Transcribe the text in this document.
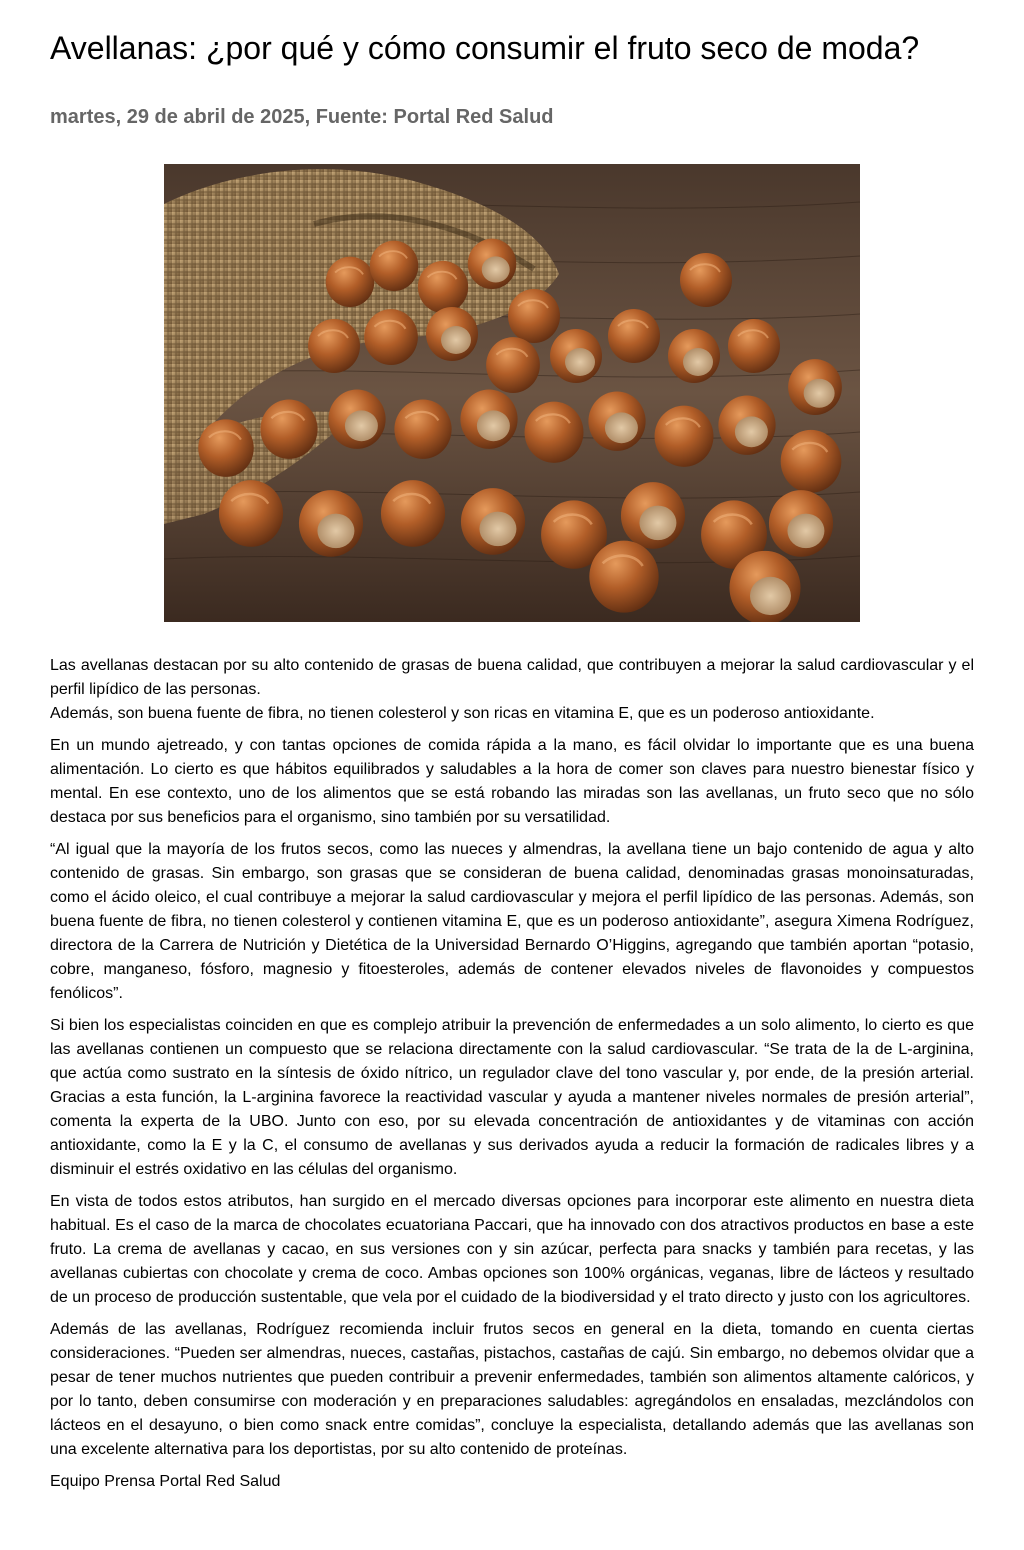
Avellanas: ¿por qué y cómo consumir el fruto seco de moda?
martes, 29 de abril de 2025, Fuente: Portal Red Salud

Las avellanas destacan por su alto contenido de grasas de buena calidad, que contribuyen a mejorar la salud cardiovascular y el perfil lipídico de las personas.

Además, son buena fuente de fibra, no tienen colesterol y son ricas en vitamina E, que es un poderoso antioxidante.

En un mundo ajetreado, y con tantas opciones de comida rápida a la mano, es fácil olvidar lo importante que es una buena alimentación. Lo cierto es que hábitos equilibrados y saludables a la hora de comer son claves para nuestro bienestar físico y mental. En ese contexto, uno de los alimentos que se está robando las miradas son las avellanas, un fruto seco que no sólo destaca por sus beneficios para el organismo, sino también por su versatilidad.

“Al igual que la mayoría de los frutos secos, como las nueces y almendras, la avellana tiene un bajo contenido de agua y alto contenido de grasas. Sin embargo, son grasas que se consideran de buena calidad, denominadas grasas monoinsaturadas, como el ácido oleico, el cual contribuye a mejorar la salud cardiovascular y mejora el perfil lipídico de las personas. Además, son buena fuente de fibra, no tienen colesterol y contienen vitamina E, que es un poderoso antioxidante”, asegura Ximena Rodríguez, directora de la Carrera de Nutrición y Dietética de la Universidad Bernardo O’Higgins, agregando que también aportan “potasio, cobre, manganeso, fósforo, magnesio y fitoesteroles, además de contener elevados niveles de flavonoides y compuestos fenólicos”.

Si bien los especialistas coinciden en que es complejo atribuir la prevención de enfermedades a un solo alimento, lo cierto es que las avellanas contienen un compuesto que se relaciona directamente con la salud cardiovascular. “Se trata de la de L-arginina, que actúa como sustrato en la síntesis de óxido nítrico, un regulador clave del tono vascular y, por ende, de la presión arterial. Gracias a esta función, la L-arginina favorece la reactividad vascular y ayuda a mantener niveles normales de presión arterial”, comenta la experta de la UBO. Junto con eso, por su elevada concentración de antioxidantes y de vitaminas con acción antioxidante, como la E y la C, el consumo de avellanas y sus derivados ayuda a reducir la formación de radicales libres y a disminuir el estrés oxidativo en las células del organismo.

En vista de todos estos atributos, han surgido en el mercado diversas opciones para incorporar este alimento en nuestra dieta habitual. Es el caso de la marca de chocolates ecuatoriana Paccari, que ha innovado con dos atractivos productos en base a este fruto. La crema de avellanas y cacao, en sus versiones con y sin azúcar, perfecta para snacks y también para recetas, y las avellanas cubiertas con chocolate y crema de coco. Ambas opciones son 100% orgánicas, veganas, libre de lácteos y resultado de un proceso de producción sustentable, que vela por el cuidado de la biodiversidad y el trato directo y justo con los agricultores.

Además de las avellanas, Rodríguez recomienda incluir frutos secos en general en la dieta, tomando en cuenta ciertas consideraciones. “Pueden ser almendras, nueces, castañas, pistachos, castañas de cajú. Sin embargo, no debemos olvidar que a pesar de tener muchos nutrientes que pueden contribuir a prevenir enfermedades, también son alimentos altamente calóricos, y por lo tanto, deben consumirse con moderación y en preparaciones saludables: agregándolos en ensaladas, mezclándolos con lácteos en el desayuno, o bien como snack entre comidas”, concluye la especialista, detallando además que las avellanas son una excelente alternativa para los deportistas, por su alto contenido de proteínas.

Equipo Prensa Portal Red Salud
